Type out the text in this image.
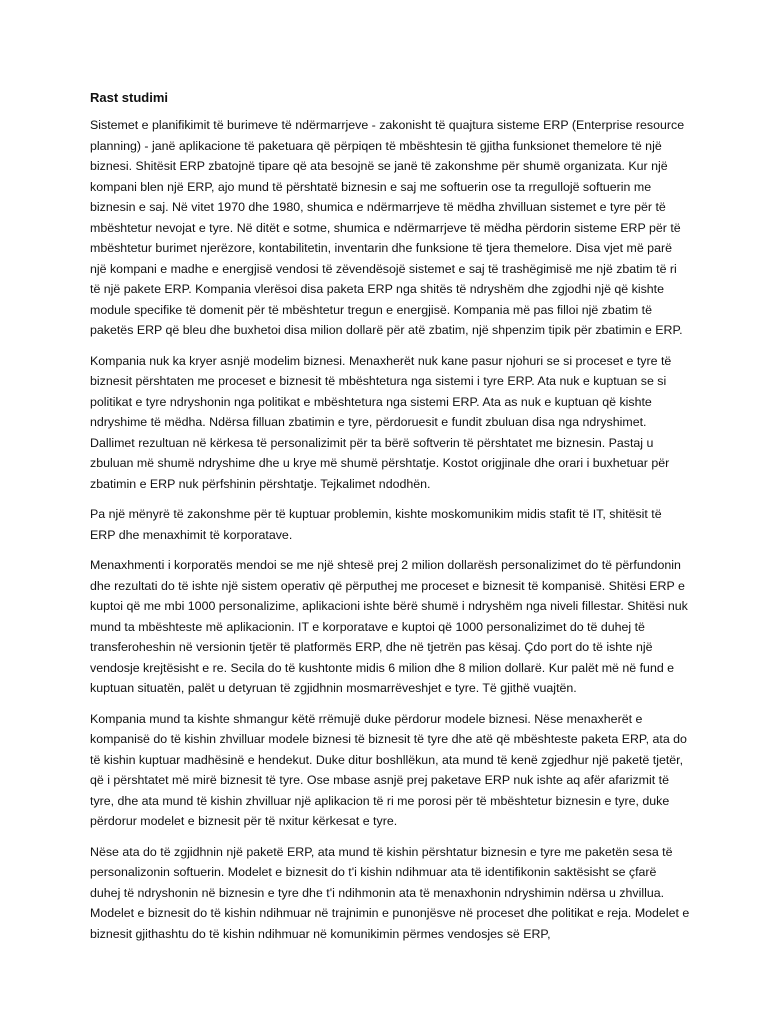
Rast studimi

Sistemet e planifikimit të burimeve të ndërmarrjeve - zakonisht të quajtura sisteme ERP (Enterprise resource planning) - janë aplikacione të paketuara që përpiqen të mbështesin të gjitha funksionet themelore të një biznesi. Shitësit ERP zbatojnë tipare që ata besojnë se janë të zakonshme për shumë organizata. Kur një kompani blen një ERP, ajo mund të përshtatë biznesin e saj me softuerin ose ta rregullojë softuerin me biznesin e saj. Në vitet 1970 dhe 1980, shumica e ndërmarrjeve të mëdha zhvilluan sistemet e tyre për të mbështetur nevojat e tyre. Në ditët e sotme, shumica e ndërmarrjeve të mëdha përdorin sisteme ERP për të mbështetur burimet njerëzore, kontabilitetin, inventarin dhe funksione të tjera themelore. Disa vjet më parë një kompani e madhe e energjisë vendosi të zëvendësojë sistemet e saj të trashëgimisë me një zbatim të ri të një pakete ERP. Kompania vlerësoi disa paketa ERP nga shitës të ndryshëm dhe zgjodhi një që kishte module specifike të domenit për të mbështetur tregun e energjisë. Kompania më pas filloi një zbatim të paketës ERP që bleu dhe buxhetoi disa milion dollarë për atë zbatim, një shpenzim tipik për zbatimin e ERP.

Kompania nuk ka kryer asnjë modelim biznesi. Menaxherët nuk kane pasur njohuri se si proceset e tyre të biznesit përshtaten me proceset e biznesit të mbështetura nga sistemi i tyre ERP. Ata nuk e kuptuan se si politikat e tyre ndryshonin nga politikat e mbështetura nga sistemi ERP. Ata as nuk e kuptuan që kishte ndryshime të mëdha. Ndërsa filluan zbatimin e tyre, përdoruesit e fundit zbuluan disa nga ndryshimet. Dallimet rezultuan në kërkesa të personalizimit për ta bërë softverin të përshtatet me biznesin. Pastaj u zbuluan më shumë ndryshime dhe u krye më shumë përshtatje. Kostot origjinale dhe orari i buxhetuar për zbatimin e ERP nuk përfshinin përshtatje. Tejkalimet ndodhën.

Pa një mënyrë të zakonshme për të kuptuar problemin, kishte moskomunikim midis stafit të IT, shitësit të ERP dhe menaxhimit të korporatave.

Menaxhmenti i korporatës mendoi se me një shtesë prej 2 milion dollarësh personalizimet do të përfundonin dhe rezultati do të ishte një sistem operativ që përputhej me proceset e biznesit të kompanisë. Shitësi ERP e kuptoi që me mbi 1000 personalizime, aplikacioni ishte bërë shumë i ndryshëm nga niveli fillestar. Shitësi nuk mund ta mbështeste më aplikacionin. IT e korporatave e kuptoi që 1000 personalizimet do të duhej të transferoheshin në versionin tjetër të platformës ERP, dhe në tjetrën pas kësaj. Çdo port do të ishte një vendosje krejtësisht e re. Secila do të kushtonte midis 6 milion dhe 8 milion dollarë. Kur palët më në fund e kuptuan situatën, palët u detyruan të zgjidhnin mosmarrëveshjet e tyre. Të gjithë vuajtën.

Kompania mund ta kishte shmangur këtë rrëmujë duke përdorur modele biznesi. Nëse menaxherët e kompanisë do të kishin zhvilluar modele biznesi të biznesit të tyre dhe atë që mbështeste paketa ERP, ata do të kishin kuptuar madhësinë e hendekut. Duke ditur boshllëkun, ata mund të kenë zgjedhur një paketë tjetër, që i përshtatet më mirë biznesit të tyre. Ose mbase asnjë prej paketave ERP nuk ishte aq afër afarizmit të tyre, dhe ata mund të kishin zhvilluar një aplikacion të ri me porosi për të mbështetur biznesin e tyre, duke përdorur modelet e biznesit për të nxitur kërkesat e tyre.

Nëse ata do të zgjidhnin një paketë ERP, ata mund të kishin përshtatur biznesin e tyre me paketën sesa të personalizonin softuerin. Modelet e biznesit do t'i kishin ndihmuar ata të identifikonin saktësisht se çfarë duhej të ndryshonin në biznesin e tyre dhe t'i ndihmonin ata të menaxhonin ndryshimin ndërsa u zhvillua. Modelet e biznesit do të kishin ndihmuar në trajnimin e punonjësve në proceset dhe politikat e reja. Modelet e biznesit gjithashtu do të kishin ndihmuar në komunikimin përmes vendosjes së ERP,
